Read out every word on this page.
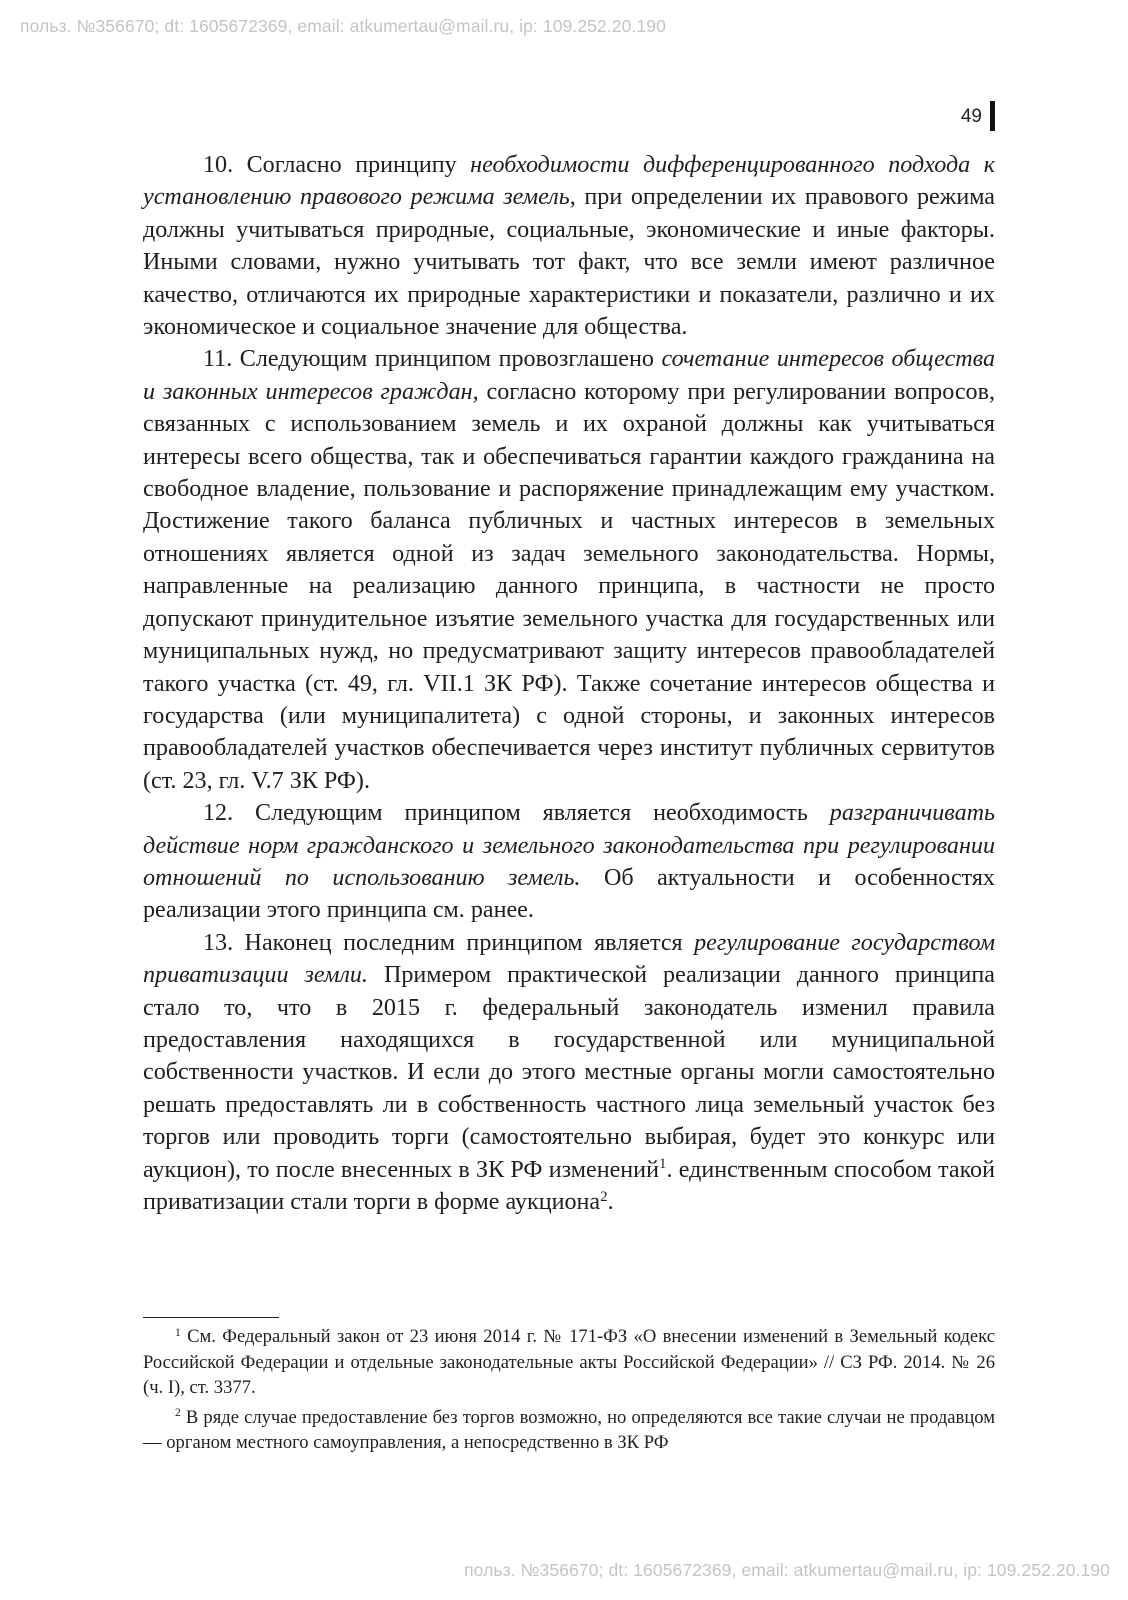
польз. №356670; dt: 1605672369, email: atkumertau@mail.ru, ip: 109.252.20.190
49

10. Согласно принципу необходимости дифференцированного подхода к установлению правового режима земель, при определении их правового режима должны учитываться природные, социальные, экономические и иные факторы. Иными словами, нужно учитывать тот факт, что все земли имеют различное качество, отличаются их природные характеристики и показатели, различно и их экономическое и социальное значение для общества.

11. Следующим принципом провозглашено сочетание интересов общества и законных интересов граждан, согласно которому при регулировании вопросов, связанных с использованием земель и их охраной должны как учитываться интересы всего общества, так и обеспечиваться гарантии каждого гражданина на свободное владение, пользование и распоряжение принадлежащим ему участком. Достижение такого баланса публичных и частных интересов в земельных отношениях является одной из задач земельного законодательства. Нормы, направленные на реализацию данного принципа, в частности не просто допускают принудительное изъятие земельного участка для государственных или муниципальных нужд, но предусматривают защиту интересов правообладателей такого участка (ст. 49, гл. VII.1 ЗК РФ). Также сочетание интересов общества и государства (или муниципалитета) с одной стороны, и законных интересов правообладателей участков обеспечивается через институт публичных сервитутов (ст. 23, гл. V.7 ЗК РФ).

12. Следующим принципом является необходимость разграничивать действие норм гражданского и земельного законодательства при регулировании отношений по использованию земель. Об актуальности и особенностях реализации этого принципа см. ранее.

13. Наконец последним принципом является регулирование государством приватизации земли. Примером практической реализации данного принципа стало то, что в 2015 г. федеральный законодатель изменил правила предоставления находящихся в государственной или муниципальной собственности участков. И если до этого местные органы могли самостоятельно решать предоставлять ли в собственность частного лица земельный участок без торгов или проводить торги (самостоятельно выбирая, будет это конкурс или аукцион), то после внесенных в ЗК РФ изменений$^1$. единственным способом такой приватизации стали торги в форме аукциона$^2$.

$^1$ См. Федеральный закон от 23 июня 2014 г. № 171-ФЗ «О внесении изменений в Земельный кодекс Российской Федерации и отдельные законодательные акты Российской Федерации» // СЗ РФ. 2014. № 26 (ч. I), ст. 3377.

$^2$ В ряде случае предоставление без торгов возможно, но определяются все такие случаи не продавцом — органом местного самоуправления, а непосредственно в ЗК РФ

польз. №356670; dt: 1605672369, email: atkumertau@mail.ru, ip: 109.252.20.190
